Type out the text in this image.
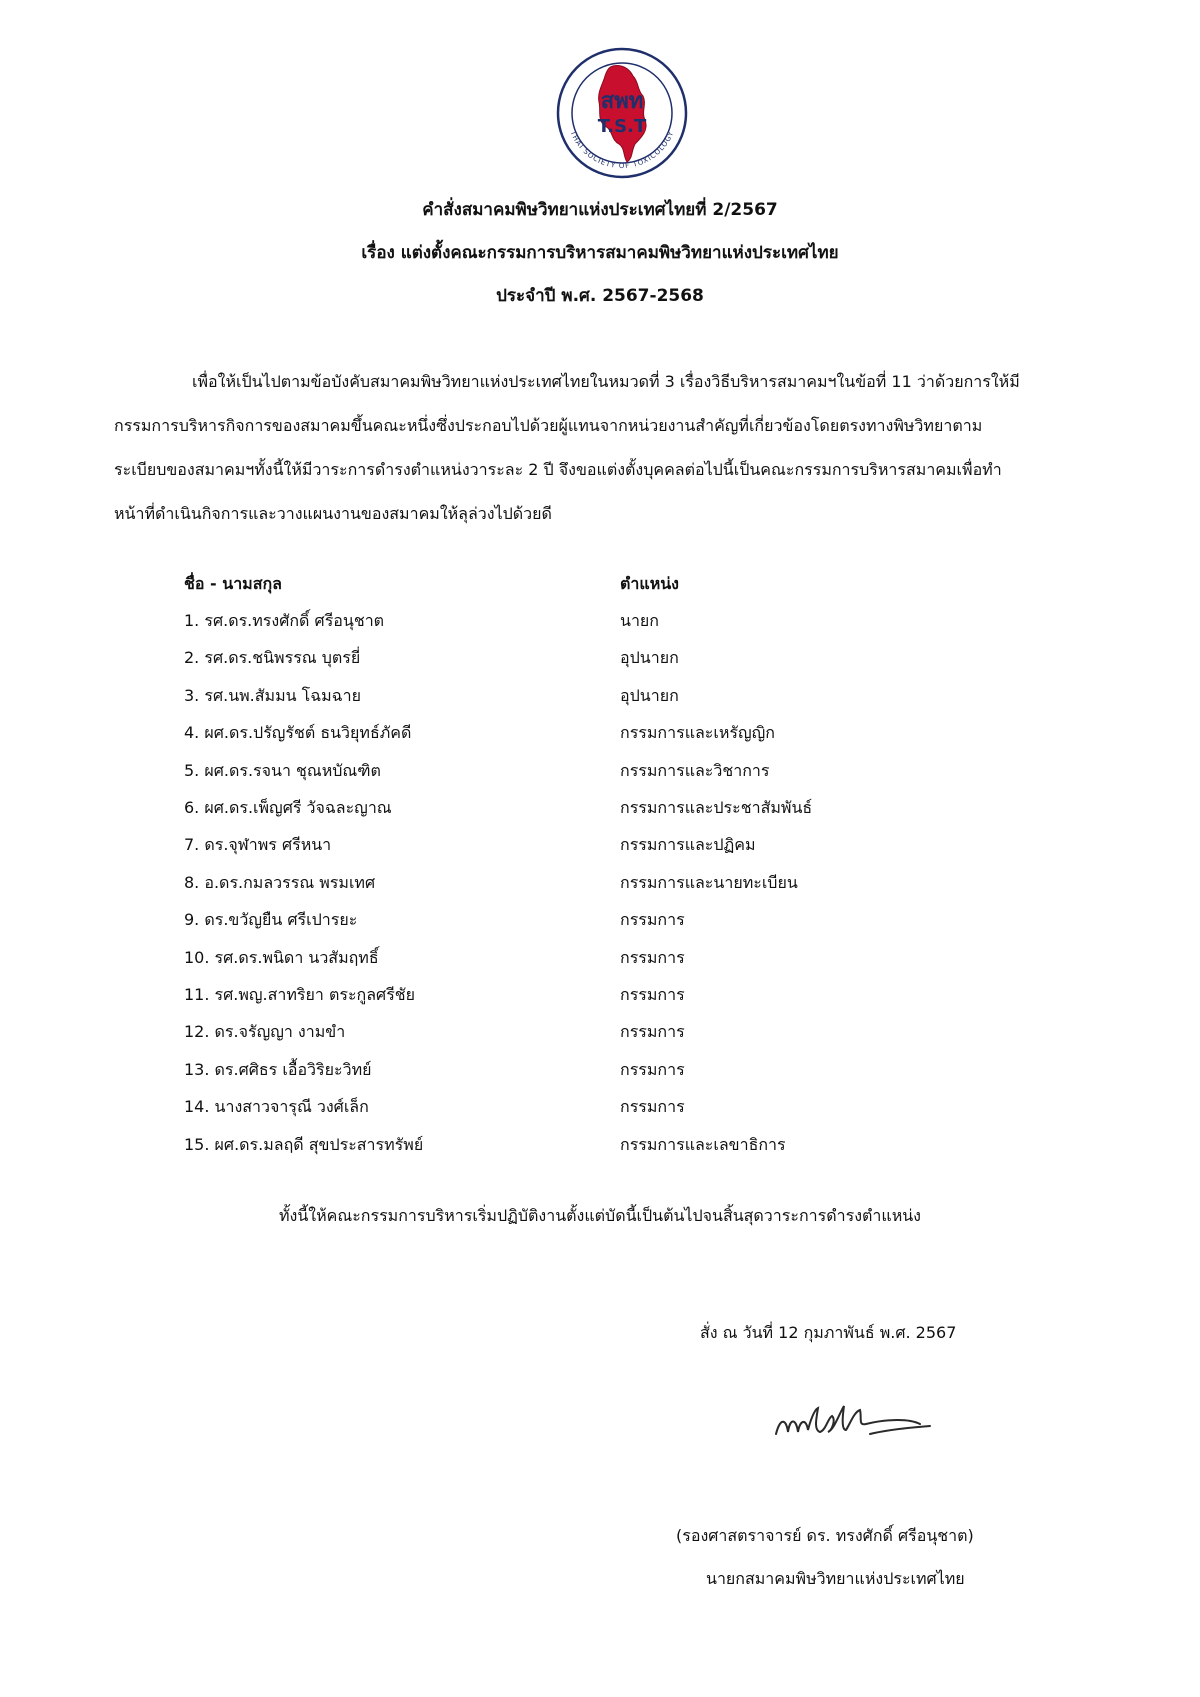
สพท
T.S.T
THAI SOCIETY OF TOXICOLOGY
คำสั่งสมาคมพิษวิทยาแห่งประเทศไทยที่ 2/2567
เรื่อง แต่งตั้งคณะกรรมการบริหารสมาคมพิษวิทยาแห่งประเทศไทย
ประจำปี พ.ศ. 2567-2568
เพื่อให้เป็นไปตามข้อบังคับสมาคมพิษวิทยาแห่งประเทศไทยในหมวดที่ 3 เรื่องวิธีบริหารสมาคมฯในข้อที่ 11 ว่าด้วยการให้มี
กรรมการบริหารกิจการของสมาคมขึ้นคณะหนึ่งซึ่งประกอบไปด้วยผู้แทนจากหน่วยงานสำคัญที่เกี่ยวข้องโดยตรงทางพิษวิทยาตาม
ระเบียบของสมาคมฯทั้งนี้ให้มีวาระการดำรงตำแหน่งวาระละ 2 ปี จึงขอแต่งตั้งบุคคลต่อไปนี้เป็นคณะกรรมการบริหารสมาคมเพื่อทำ
หน้าที่ดำเนินกิจการและวางแผนงานของสมาคมให้ลุล่วงไปด้วยดี
ชื่อ - นามสกุล	ตำแหน่ง
1. รศ.ดร.ทรงศักดิ์ ศรีอนุชาต	นายก
2. รศ.ดร.ชนิพรรณ บุตรยี่	อุปนายก
3. รศ.นพ.สัมมน โฉมฉาย	อุปนายก
4. ผศ.ดร.ปรัญรัชต์ ธนวิยุทธ์ภัคดี	กรรมการและเหรัญญิก
5. ผศ.ดร.รจนา ชุณหบัณฑิต	กรรมการและวิชาการ
6. ผศ.ดร.เพ็ญศรี วัจฉละญาณ	กรรมการและประชาสัมพันธ์
7. ดร.จุฬาพร ศรีหนา	กรรมการและปฏิคม
8. อ.ดร.กมลวรรณ พรมเทศ	กรรมการและนายทะเบียน
9. ดร.ขวัญยืน ศรีเปารยะ	กรรมการ
10. รศ.ดร.พนิดา นวสัมฤทธิ์	กรรมการ
11. รศ.พญ.สาทริยา ตระกูลศรีชัย	กรรมการ
12. ดร.จรัญญา งามขำ	กรรมการ
13. ดร.ศศิธร เอื้อวิริยะวิทย์	กรรมการ
14. นางสาวจารุณี วงศ์เล็ก	กรรมการ
15. ผศ.ดร.มลฤดี สุขประสารทรัพย์	กรรมการและเลขาธิการ
ทั้งนี้ให้คณะกรรมการบริหารเริ่มปฏิบัติงานตั้งแต่บัดนี้เป็นต้นไปจนสิ้นสุดวาระการดำรงตำแหน่ง
สั่ง ณ วันที่ 12 กุมภาพันธ์ พ.ศ. 2567
(รองศาสตราจารย์ ดร. ทรงศักดิ์ ศรีอนุชาต)
นายกสมาคมพิษวิทยาแห่งประเทศไทย
